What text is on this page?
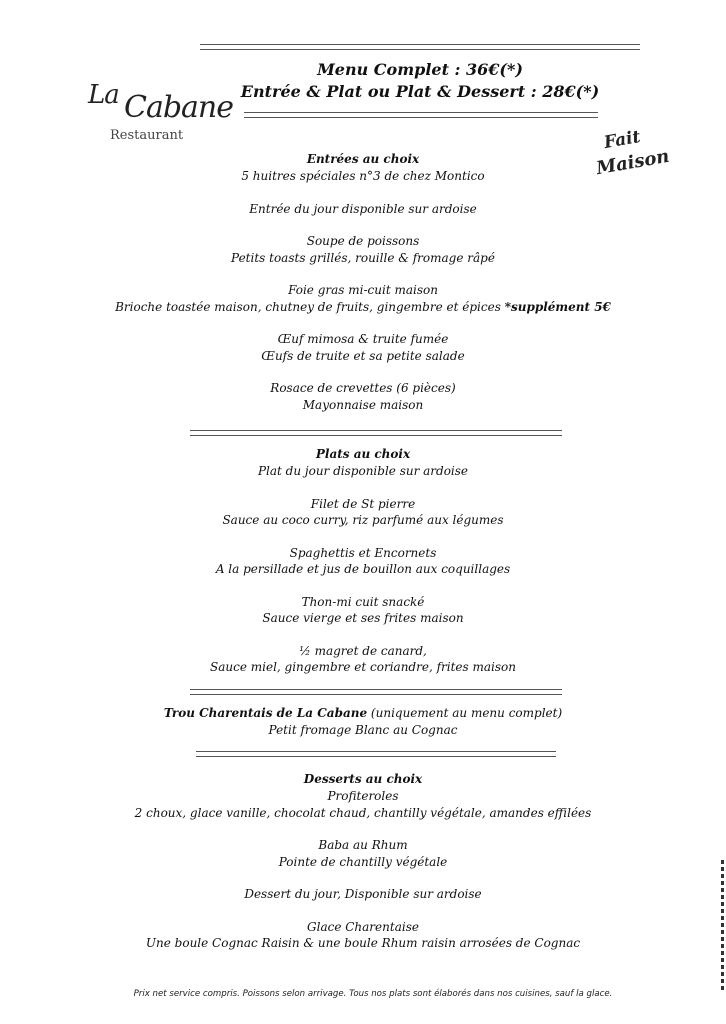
La Cabane
Restaurant
Menu Complet : 36€(*)
Entrée & Plat ou Plat & Dessert : 28€(*)
Fait
Maison
Entrées au choix
5 huitres spéciales n°3 de chez Montico
Entrée du jour disponible sur ardoise
Soupe de poissons
Petits toasts grillés, rouille & fromage râpé
Foie gras mi-cuit maison
Brioche toastée maison, chutney de fruits, gingembre et épices *supplément 5€
Œuf mimosa & truite fumée
Œufs de truite et sa petite salade
Rosace de crevettes (6 pièces)
Mayonnaise maison
Plats au choix
Plat du jour disponible sur ardoise
Filet de St pierre
Sauce au coco curry, riz parfumé aux légumes
Spaghettis et Encornets
A la persillade et jus de bouillon aux coquillages
Thon-mi cuit snacké
Sauce vierge et ses frites maison
½ magret de canard,
Sauce miel, gingembre et coriandre, frites maison
Trou Charentais de La Cabane (uniquement au menu complet)
Petit fromage Blanc au Cognac
Desserts au choix
Profiteroles
2 choux, glace vanille, chocolat chaud, chantilly végétale, amandes effilées
Baba au Rhum
Pointe de chantilly végétale
Dessert du jour, Disponible sur ardoise
Glace Charentaise
Une boule Cognac Raisin & une boule Rhum raisin arrosées de Cognac
Prix net service compris. Poissons selon arrivage. Tous nos plats sont élaborés dans nos cuisines, sauf la glace.
